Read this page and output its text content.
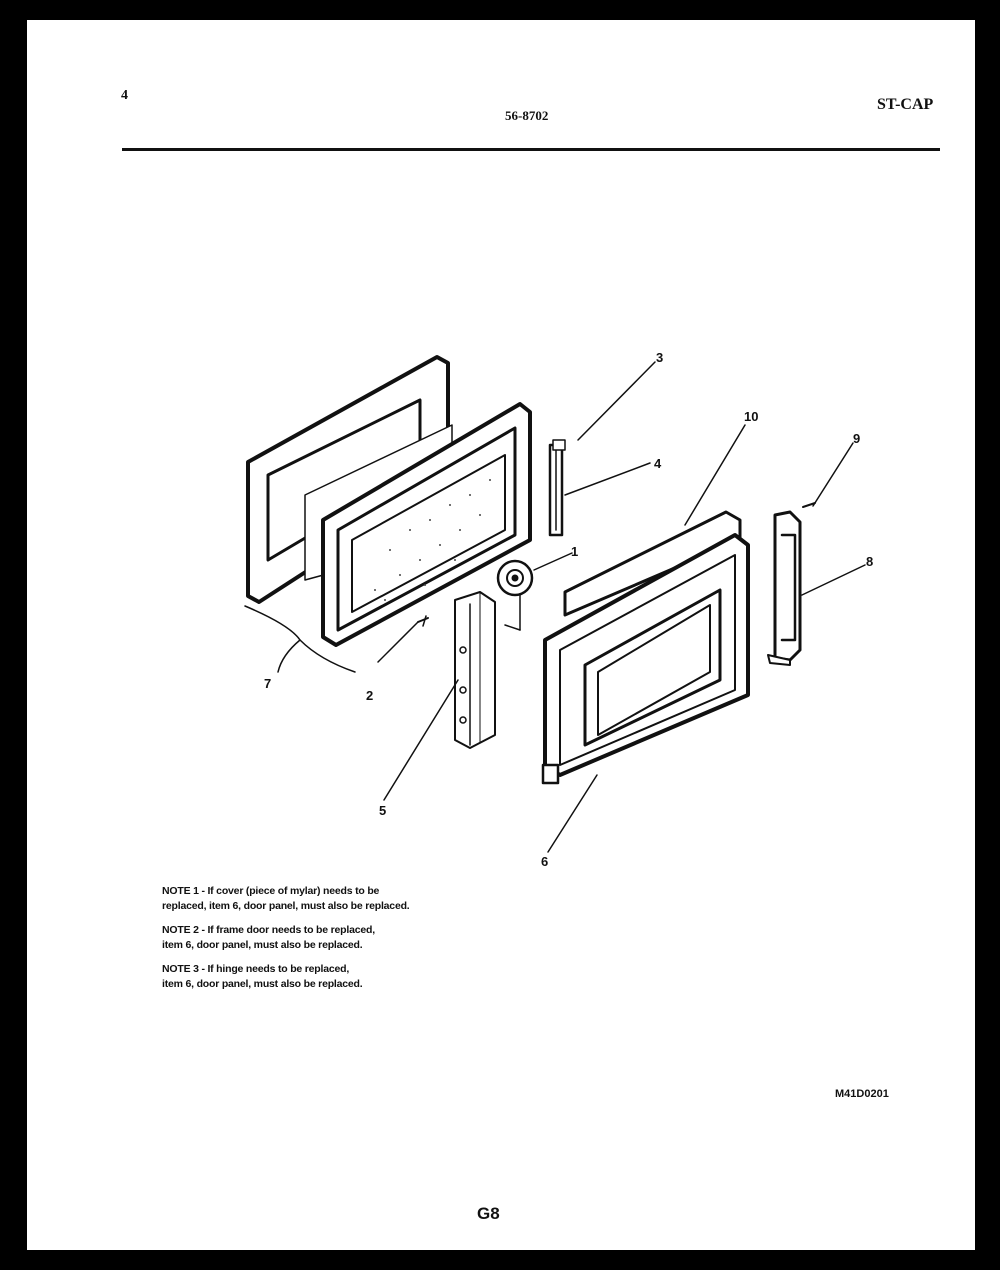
4
56-8702
ST-CAP
NOTE 1 - If cover (piece of mylar) needs to be
replaced, item 6, door panel, must also be replaced.
NOTE 2 - If frame door needs to be replaced,
item 6, door panel, must also be replaced.
NOTE 3 - If hinge needs to be replaced,
item 6, door panel, must also be replaced.
M41D0201
G8
3
4
1
2
7
5
6
10
9
8
